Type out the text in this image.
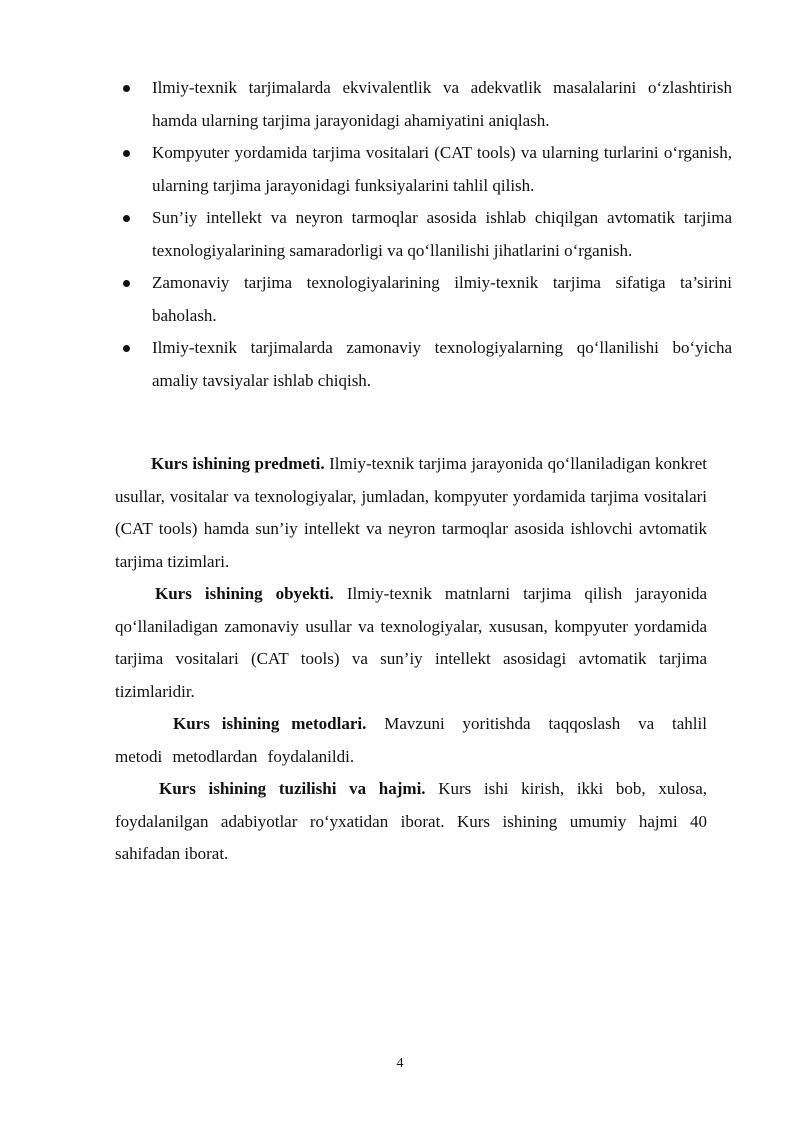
Ilmiy-texnik tarjimalarda ekvivalentlik va adekvatlik masalalarini o‘zlashtirish hamda ularning tarjima jarayonidagi ahamiyatini aniqlash.
Kompyuter yordamida tarjima vositalari (CAT tools) va ularning turlarini o‘rganish, ularning tarjima jarayonidagi funksiyalarini tahlil qilish.
Sun’iy intellekt va neyron tarmoqlar asosida ishlab chiqilgan avtomatik tarjima texnologiyalarining samaradorligi va qo‘llanilishi jihatlarini o‘rganish.
Zamonaviy tarjima texnologiyalarining ilmiy-texnik tarjima sifatiga ta’sirini baholash.
Ilmiy-texnik tarjimalarda zamonaviy texnologiyalarning qo‘llanilishi bo‘yicha amaliy tavsiyalar ishlab chiqish.

Kurs ishining predmeti. Ilmiy-texnik tarjima jarayonida qo‘llaniladigan konkret usullar, vositalar va texnologiyalar, jumladan, kompyuter yordamida tarjima vositalari (CAT tools) hamda sun’iy intellekt va neyron tarmoqlar asosida ishlovchi avtomatik tarjima tizimlari.

Kurs ishining obyekti. Ilmiy-texnik matnlarni tarjima qilish jarayonida qo‘llaniladigan zamonaviy usullar va texnologiyalar, xususan, kompyuter yordamida tarjima vositalari (CAT tools) va sun’iy intellekt asosidagi avtomatik tarjima tizimlaridir.

Kurs ishining metodlari. Mavzuni yoritishda taqqoslash va tahlil metodi metodlardan foydalanildi.

Kurs ishining tuzilishi va hajmi. Kurs ishi kirish, ikki bob, xulosa, foydalanilgan adabiyotlar ro‘yxatidan iborat. Kurs ishining umumiy hajmi 40 sahifadan iborat.

4
